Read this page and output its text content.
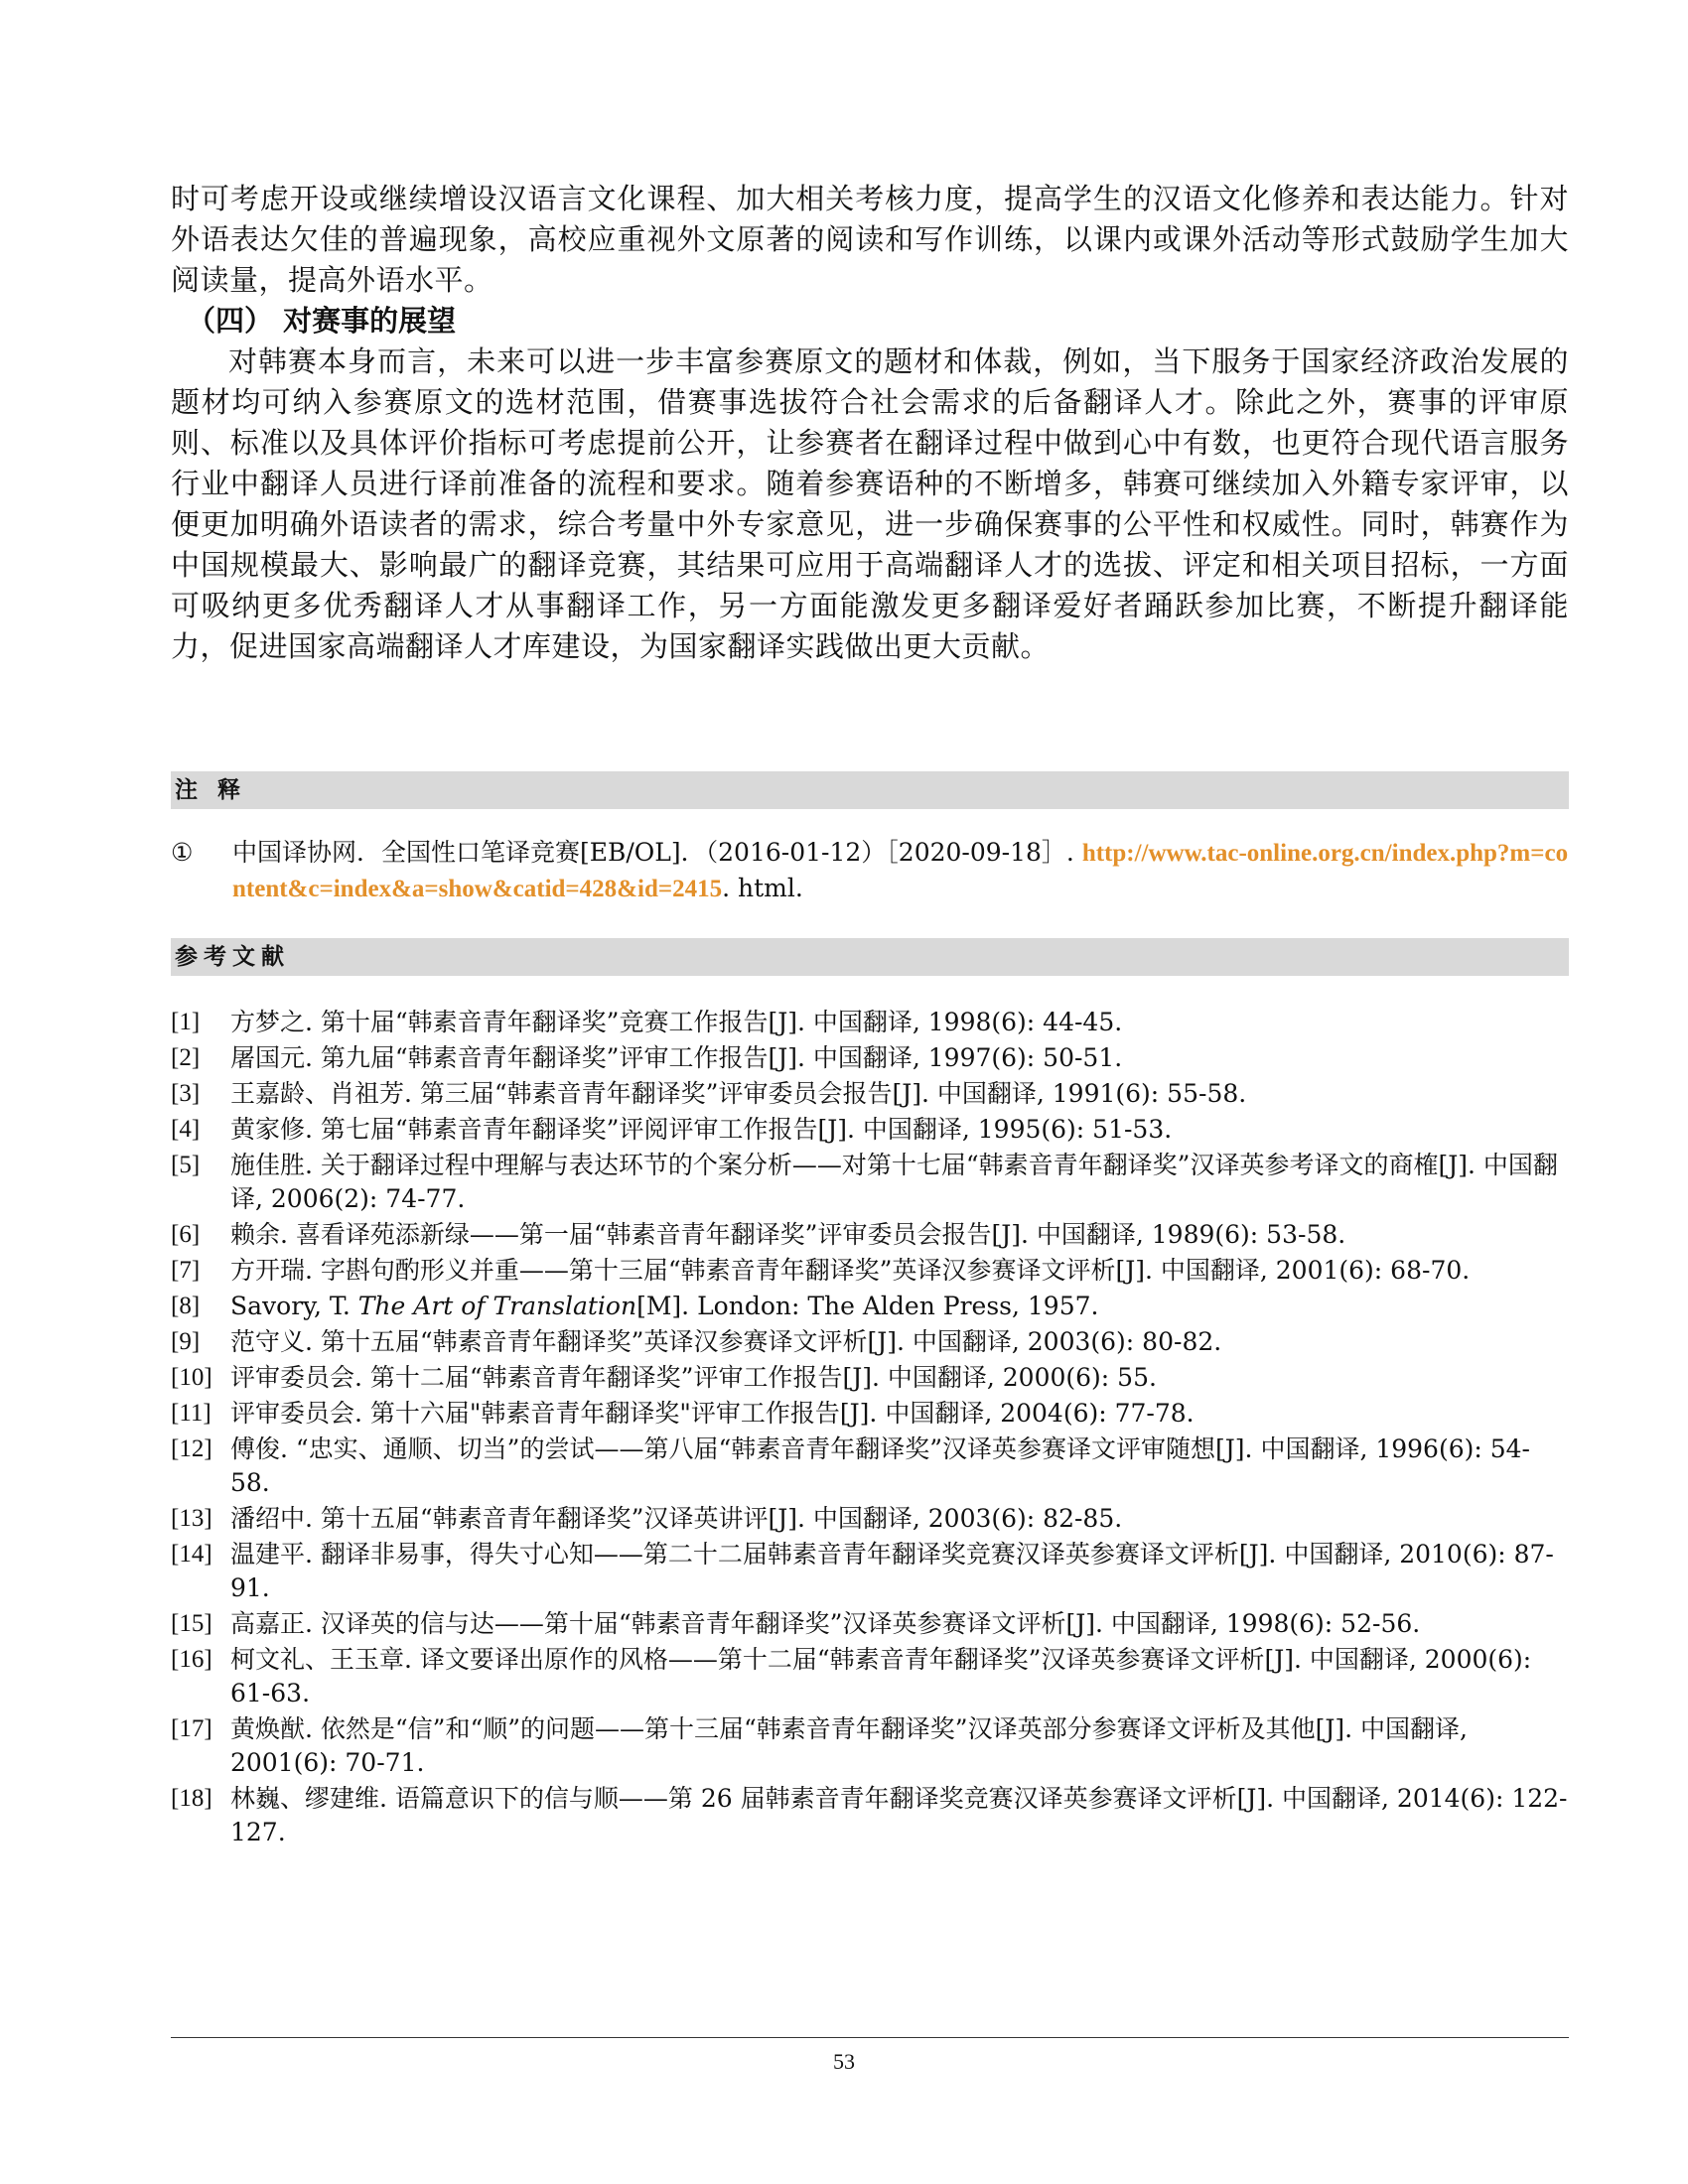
时可考虑开设或继续增设汉语言文化课程、加大相关考核力度，提高学生的汉语文化修养和表达能力。针对外语表达欠佳的普遍现象，高校应重视外文原著的阅读和写作训练，以课内或课外活动等形式鼓励学生加大阅读量，提高外语水平。

（四） 对赛事的展望

对韩赛本身而言，未来可以进一步丰富参赛原文的题材和体裁，例如，当下服务于国家经济政治发展的题材均可纳入参赛原文的选材范围，借赛事选拔符合社会需求的后备翻译人才。除此之外，赛事的评审原则、标准以及具体评价指标可考虑提前公开，让参赛者在翻译过程中做到心中有数，也更符合现代语言服务行业中翻译人员进行译前准备的流程和要求。随着参赛语种的不断增多，韩赛可继续加入外籍专家评审，以便更加明确外语读者的需求，综合考量中外专家意见，进一步确保赛事的公平性和权威性。同时，韩赛作为中国规模最大、影响最广的翻译竞赛，其结果可应用于高端翻译人才的选拔、评定和相关项目招标，一方面可吸纳更多优秀翻译人才从事翻译工作，另一方面能激发更多翻译爱好者踊跃参加比赛，不断提升翻译能力，促进国家高端翻译人才库建设，为国家翻译实践做出更大贡献。

注 释
①	中国译协网．全国性口笔译竞赛[EB/OL]．（2016-01-12）［2020-09-18］. http://www.tac-online.org.cn/index.php?m=content&c=index&a=show&catid=428&id=2415. html.
参考文献
[1]	方梦之. 第十届“韩素音青年翻译奖”竞赛工作报告[J]. 中国翻译, 1998(6): 44-45.
[2]	屠国元. 第九届“韩素音青年翻译奖”评审工作报告[J]. 中国翻译, 1997(6): 50-51.
[3]	王嘉龄、肖祖芳. 第三届“韩素音青年翻译奖”评审委员会报告[J]. 中国翻译, 1991(6): 55-58.
[4]	黄家修. 第七届“韩素音青年翻译奖”评阅评审工作报告[J]. 中国翻译, 1995(6): 51-53.
[5]	施佳胜. 关于翻译过程中理解与表达环节的个案分析——对第十七届“韩素音青年翻译奖”汉译英参考译文的商榷[J]. 中国翻译, 2006(2): 74-77.
[6]	赖余. 喜看译苑添新绿——第一届“韩素音青年翻译奖”评审委员会报告[J]. 中国翻译, 1989(6): 53-58.
[7]	方开瑞. 字斟句酌形义并重——第十三届“韩素音青年翻译奖”英译汉参赛译文评析[J]. 中国翻译, 2001(6): 68-70.
[8]	Savory, T. The Art of Translation[M]. London: The Alden Press, 1957.
[9]	范守义. 第十五届“韩素音青年翻译奖”英译汉参赛译文评析[J]. 中国翻译, 2003(6): 80-82.
[10] 评审委员会. 第十二届“韩素音青年翻译奖”评审工作报告[J]. 中国翻译, 2000(6): 55.
[11] 评审委员会. 第十六届"韩素音青年翻译奖"评审工作报告[J]. 中国翻译, 2004(6): 77-78.
[12] 傅俊. “忠实、通顺、切当”的尝试——第八届“韩素音青年翻译奖”汉译英参赛译文评审随想[J]. 中国翻译, 1996(6): 54-58.
[13] 潘绍中. 第十五届“韩素音青年翻译奖”汉译英讲评[J]. 中国翻译, 2003(6): 82-85.
[14] 温建平. 翻译非易事，得失寸心知——第二十二届韩素音青年翻译奖竞赛汉译英参赛译文评析[J]. 中国翻译, 2010(6): 87-91.
[15] 高嘉正. 汉译英的信与达——第十届“韩素音青年翻译奖”汉译英参赛译文评析[J]. 中国翻译, 1998(6): 52-56.
[16] 柯文礼、王玉章. 译文要译出原作的风格——第十二届“韩素音青年翻译奖”汉译英参赛译文评析[J]. 中国翻译, 2000(6): 61-63.
[17] 黄焕猷. 依然是“信”和“顺”的问题——第十三届“韩素音青年翻译奖”汉译英部分参赛译文评析及其他[J]. 中国翻译, 2001(6): 70-71.
[18] 林巍、缪建维. 语篇意识下的信与顺——第 26 届韩素音青年翻译奖竞赛汉译英参赛译文评析[J]. 中国翻译, 2014(6): 122-127.
53
